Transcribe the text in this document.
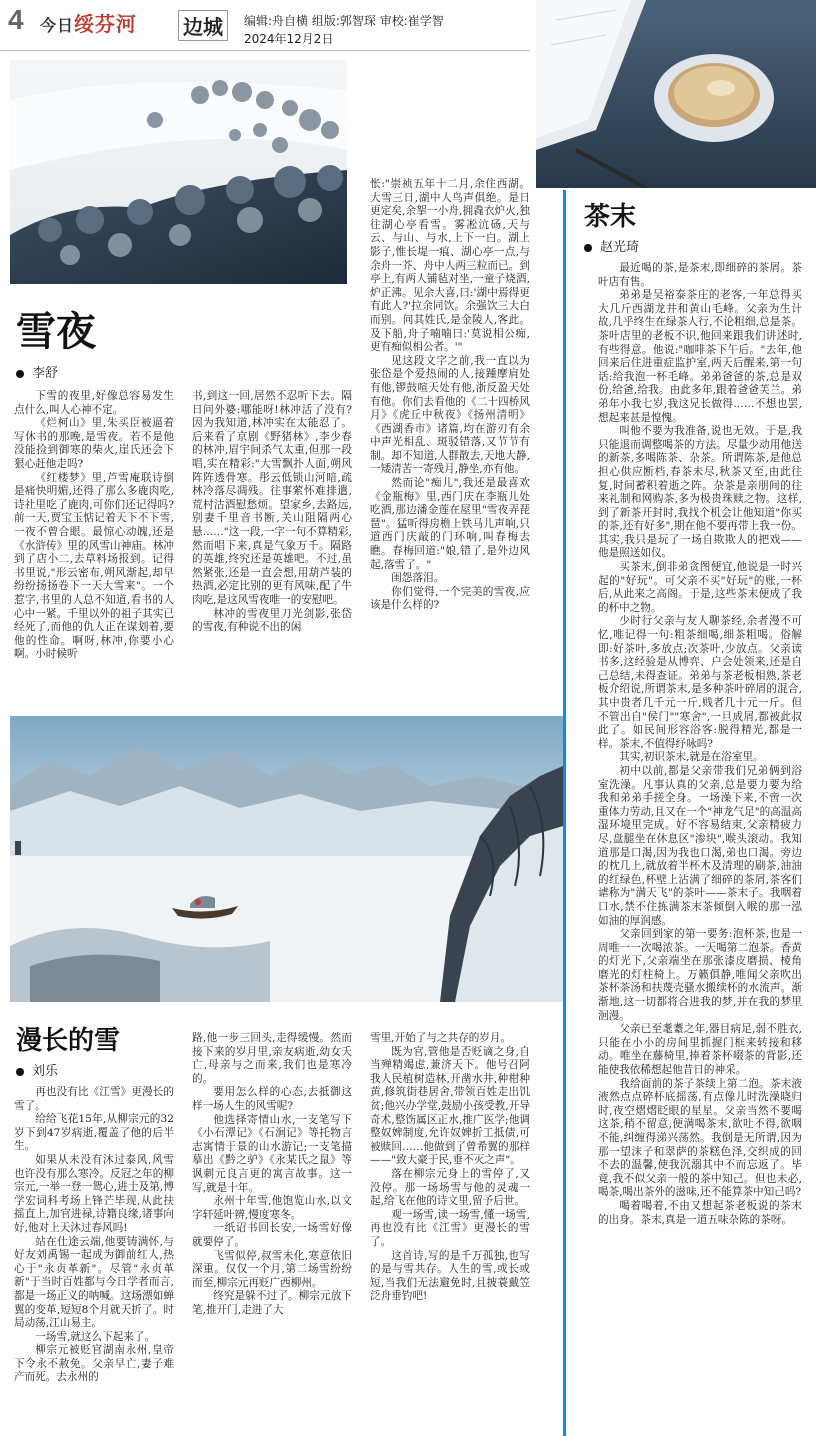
4 今日绥芬河 边城	编辑:舟自横 组版:郭智琛 审校:崔学智
2024年12月2日
雪夜
李舒

下雪的夜里,好像总容易发生点什么,叫人心神不定。

《烂柯山》里,朱买臣被逼着写休书的那晚,是雪夜。若不是他没能捡到御寒的柴火,崖氏还会下狠心赶他走吗?

《红楼梦》里,芦雪庵联诗倒是痛快明媚,还得了那么多鹿肉吃,诗社里吃了鹿肉,可你们还记得吗?前一天,贾宝玉惦记着天下不下雪,一夜不曾合眼。最惊心动魄,还是《水浒传》里的风雪山神庙。林冲到了店小二,去草料场报到。记得书里说,"形云密布,朔风渐起,却早纷纷扬扬卷下一天大雪来"。一个惹字,书里的人总不知道,看书的人心中一紧。千里以外的祖子其实已经死了,而他的仇人正在谋划着,要他的性命。啊呀,林冲,你要小心啊。小时候听

书,到这一回,居然不忍听下去。隔日问外婆:哪能呀!林冲活了没有?因为我知道,林冲实在太能忍了。后来看了京剧《野猪林》,李少春的林冲,眉宇间杀气太重,但那一段唱,实在精彩:"大雪飘扑人面,朔风阵阵透骨寒。彤云低锁山河暗,疏林冷落尽凋残。往事萦怀难排遣,荒村沽酒慰愁烦。望家乡,去路远,别妻千里音书断,关山阻隔两心悬……"这一段,一字一句不算精彩,然而唱下来,真是气象万千。隔路的英雄,终究还是英雄吧。不过,虽然紧张,还是一直会想,用葫芦装的热酒,必定比别的更有风味,配了牛肉吃,是这风雪夜唯一的安慰吧。

林冲的雪夜里刀光剑影,张岱的雪夜,有种说不出的闲

怅:"崇祯五年十二月,余住西湖。大雪三日,湖中人鸟声俱绝。是日更定矣,余挐一小舟,拥毳衣炉火,独往湖心亭看雪。雾凇沆砀,天与云、与山、与水,上下一白。湖上影子,惟长堤一痕、湖心亭一点,与余舟一芥、舟中人两三粒而已。到亭上,有两人铺毡对坐,一童子烧酒,炉正沸。见余大喜,曰:'湖中焉得更有此人?'拉余同饮。余强饮三大白而别。问其姓氏,是金陵人,客此。及下船,舟子喃喃曰:'莫说相公痴,更有痴似相公者。'"

见这段文字之前,我一直以为张岱是个爱热闹的人,接踵摩肩处有他,锣鼓喧天处有他,浙反盈天处有他。你们去看他的《二十四桥风月》《虎丘中秋夜》《扬州清明》《西湖香市》诸篇,均在游刃有余中声光相乱、斑驳错落,又节节有制。却不知道,人群散去,天地大静,一矮清苦一寄残月,静坐,亦有他。

然而论"痴儿",我还是最喜欢《金瓶梅》里,西门庆在李瓶儿处吃酒,那边潘金莲在屋里"雪夜弄琵琶"。猛听得房檐上铁马儿声响,只道西门庆敲的门环响,叫春梅去瞧。春梅回道:"娘,错了,是外边风起,落雪了。"

闺怨落泪。

你们觉得,一个完美的雪夜,应该是什么样的?

漫长的雪
刘乐

再也没有比《江雪》更漫长的雪了。

给给飞花15年,从柳宗元的32岁下到47岁病逝,覆盖了他的后半生。

如果从未没有沐过泰风,风雪也许没有那么寒冷。反冠之年的柳宗元,一举一登一鸳心,进士及第,博学宏词科考场上锋芒毕现,从此扶摇直上,加官进禄,诗籍良缘,诸事向好,他对上天沐过春风吗!

站在仕途云端,他要铸满怀,与好友刘禹锡一起成为御前红人,热心于"永贞革新"。尽管"永贞革新"于当时百姓都与今日学者而言,都是一场正义的呐喊。这场漂如蝉翼的变革,短短8个月就天折了。时局动荡,江山易主。

一场雪,就这么下起来了。

柳宗元被贬官湖南永州,皇帝下令永不赦免。父亲早亡,妻子难产而死。去永州的

路,他一步三回头,走得缓慢。然而接下来的岁月里,亲友病逝,幼女夭亡,母亲与之而来,我们也是寒冷的。

要用怎么样的心态,去抵御这样一场人生的风雪呢?

他选择寄情山水,一支笔写下《小石潭记》《石涧记》等托物言志寓情于景的山水游记;一支笔描摹出《黔之驴》《永某氏之鼠》等讽刺元良言更的寓言故事。这一写,就是十年。

永州十年雪,他饱览山水,以文字轩延叶辨,慢度寒冬。

一纸诏书回长安,一场雪好像就要停了。

飞雪似停,叔雪未化,寒意依旧深重。仅仅一个月,第二场雪纷纷而至,柳宗元再贬广西柳州。

终究是躲不过了。柳宗元放下笔,推开门,走进了大

雪里,开始了与之共存的岁月。

既为官,管他是否贬谪之身,自当殚精竭虑,兼济天下。他号召阿我人民植树造林,开凿水井,种柑种黄,修筑街巷居舍,带领百姓走出饥贫;他兴办学堂,鼓励小孩受教,开导奇术,整饬属区正水,推广医学;他调整奴婢制度,允许奴婢折工抵债,可被赎回……他做到了曾希翼的那样——"致大豪于民,垂不灭之声"。

落在柳宗元身上的雪停了,又没停。那一场场雪与他的灵魂一起,给飞在他的诗文里,留予后世。

观一场雪,读一场雪,懂一场雪,再也没有比《江雪》更漫长的雪了。

这首诗,写的是千万孤独,也写的是与雪共存。人生的雪,或长或短,当我们无法避免时,且披蓑戴笠泛舟垂钓吧!

茶末
赵光琦

最近喝的茶,是茶末,即细碎的茶屑。茶叶店有售。

弟弟是吴裕泰茶庄的老客,一年总得买大几斤西湖龙井和黄山毛峰。父亲为生计故,几乎终生在绿茶人行,不论粗细,总是茶。茶叶店里的老板不识,他回来跟我们讲述时,有些得意。他说:"咖啡茶下午后。"去年,他回来后住进重症监护室,两天后醒来,第一句话:给我泡一杯毛峰。弟弟爸爸的茶,总是双份,给爸,给我。由此多年,跟着爸爸芙兰。弟弟年小我七岁,我这兄长做得……不想也罢,想起来甚是惶愧。

叫他不要为我准备,说也无效。于是,我只能退而调整喝茶的方法。尽量少动用他送的新茶,多喝陈茶、杂茶。所谓陈茶,是他总担心供应断档,春茶未尽,秋茶又至,由此往复,时间蓄积着逝之阵。杂茶是亲朋间的往来礼制和网购茶,多为极贵珠赎之物。这样,到了新茶开封时,我找个机会让他知道"你买的茶,还有好多",期在他不要再带上我一份。其实,我只是玩了一场自欺欺人的把戏——他是照送如仪。

买茶末,倒非弟贪图便宜,他说是一时兴起的"好玩"。可父亲不买"好玩"的账,一杯后,从此来之高阁。于是,这些茶末便成了我的杯中之物。

少时行父亲与友人聊茶经,余者漫不可忆,唯记得一句:粗茶细喝,细茶粗喝。俗解即:好茶叶,多放点;次茶叶,少放点。父亲读书多,这经验是从博弈、户会处领来,还是自己总结,未得查证。弟弟与茶老板相熟,茶老板介绍说,所谓茶末,是多种茶叶碎屑的混合,其中贵者几千元一斤,贱者几十元一斤。但不管出自"侯门""寒舍",一旦成屑,都被此叔此了。如民间形容浴客:脱得精光,都是一样。茶末,不值得纾咏吗?

其实,初识茶末,就是在浴室里。

初中以前,都是父亲带我们兄弟俩到浴室洗澡。凡事认真的父亲,总是要力要为给我和弟弟手搓全身。一场澡下来,不啻一次重体力劳动,且又在一个"神龙气足"的高温高湿环境里完成。好不容易结束,父亲精疲力尽,盘腿坐在休息区"渗块",喉头滚动。我知道那是口渴,因为我也口渴,弟也口渴。旁边的枕几上,就放着半杯木及清理的刷茶,油油的红绿色,杯壁上沾满了细碎的茶屑,茶客们谑称为"满天飞"的茶叶——茶末子。我咽着口水,禁不住拣满茶末茶倾倒入喉的那一泓如油的厚润感。

父亲回到家的第一要务:泡杯茶,也是一周唯一一次喝浓茶。一天喝第二泡茶。香黄的灯光下,父亲端坐在那张漆皮磨损、棱角磨光的灯柱椅上。万籁俱静,唯闻父亲吹出茶杯茶汤和扶蔑壳骚水搬续杯的水流声。渐渐地,这一切都将合进我的梦,并在我的梦里洄漫。

父亲已至耄耋之年,器目病足,弱不胜衣,只能在小小的房间里抓握门框来转接和移动。唯坐在藤椅里,捧着茶杯啜茶的背影,还能使我依稀想起他昔日的神采。

我给面前的茶子茶续上第二泡。茶末液液然点点碎杯底摇荡,有点像儿时洗澡晓归时,夜空熠熠眨眼的星星。父亲当然不要喝这茶,稍不留意,便满喝茶末,欲吐不得,欲咽不能,纠缠得涕兴荡然。我倒是无所谓,因为那一望沫子和翠萨的茶糕色泽,交织成的回不去的温馨,使我沉溺其中不而忘返了。毕竟,我不似父亲一般的茶中知己。但也未必,喝茶,喝出茶外的滋味,还不能算茶中知己吗?

喝着喝着,不由又想起茶老板说的茶末的出身。茶末,真是一道五味杂陈的茶呀。
